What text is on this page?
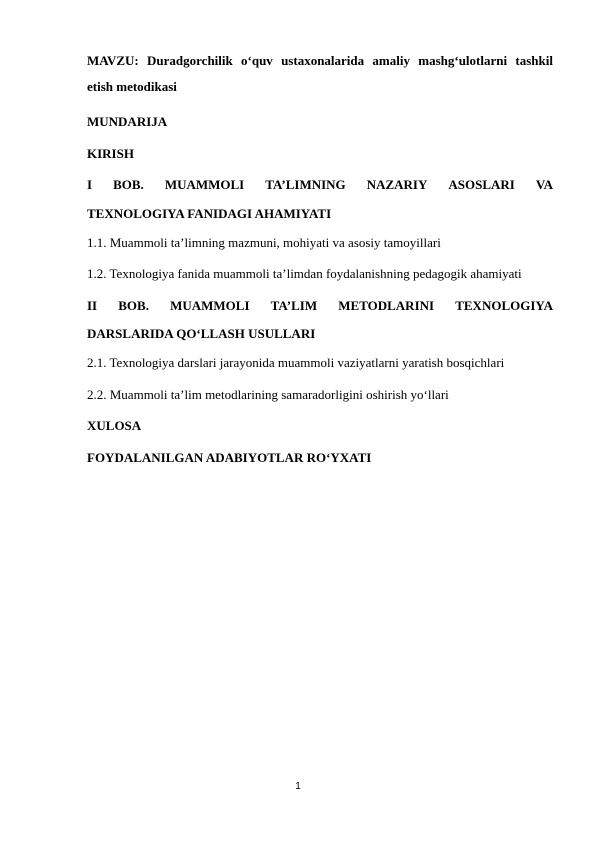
MAVZU: Duradgorchilik o‘quv ustaxonalarida amaliy mashg‘ulotlarni tashkil
etish metodikasi

MUNDARIJA

KIRISH

I BOB. MUAMMOLI TA’LIMNING NAZARIY ASOSLARI VA

TEXNOLOGIYA FANIDAGI AHAMIYATI

1.1. Muammoli ta’limning mazmuni, mohiyati va asosiy tamoyillari

1.2. Texnologiya fanida muammoli ta’limdan foydalanishning pedagogik ahamiyati

II BOB. MUAMMOLI TA’LIM METODLARINI TEXNOLOGIYA

DARSLARIDA QO‘LLASH USULLARI

2.1. Texnologiya darslari jarayonida muammoli vaziyatlarni yaratish bosqichlari

2.2. Muammoli ta’lim metodlarining samaradorligini oshirish yo‘llari

XULOSA

FOYDALANILGAN ADABIYOTLAR RO‘YXATI

1
